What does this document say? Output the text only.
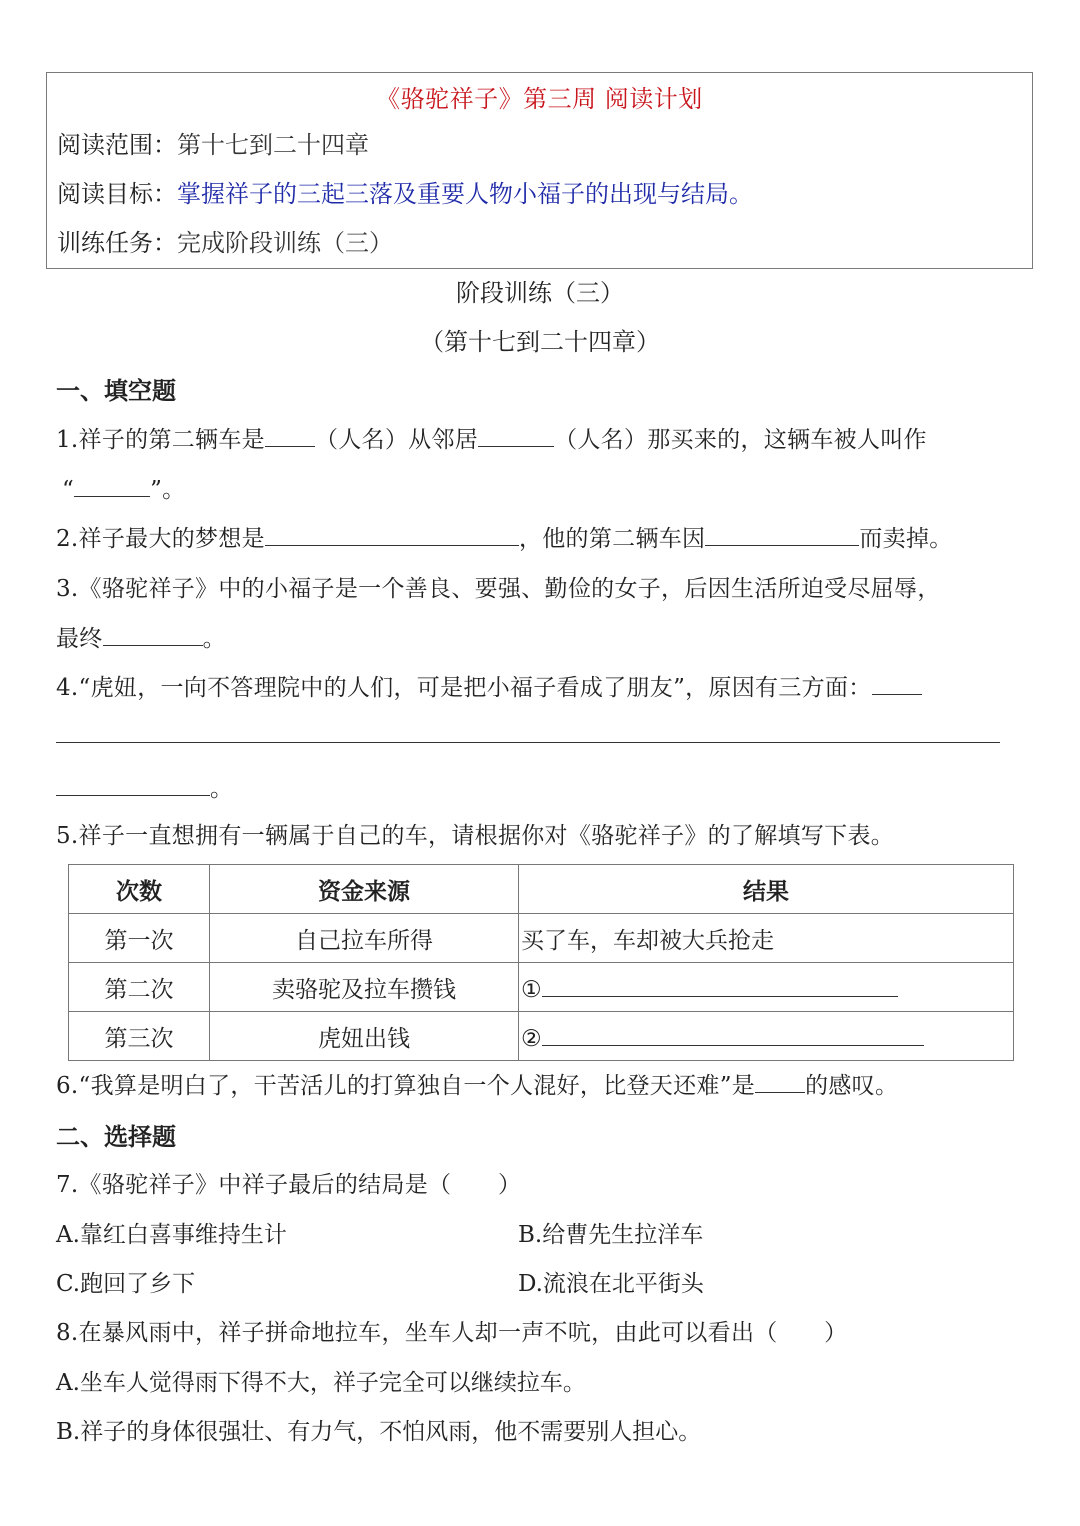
《骆驼祥子》第三周 阅读计划
阅读范围：第十七到二十四章
阅读目标：掌握祥子的三起三落及重要人物小福子的出现与结局。
训练任务：完成阶段训练（三）
阶段训练（三）
（第十七到二十四章）
一、填空题
1.祥子的第二辆车是 （人名）从邻居	（人名）那买来的，这辆车被人叫作
“	”。
2.祥子最大的梦想是	，他的第二辆车因	而卖掉。
3.《骆驼祥子》中的小福子是一个善良、要强、勤俭的女子，后因生活所迫受尽屈辱，
最终	。
4.“虎妞，一向不答理院中的人们，可是把小福子看成了朋友”，原因有三方面：
。
5.祥子一直想拥有一辆属于自己的车，请根据你对《骆驼祥子》的了解填写下表。
次数	资金来源	结果
第一次	自己拉车所得	买了车，车却被大兵抢走
第二次	卖骆驼及拉车攒钱	①
第三次	虎妞出钱	②
6.“我算是明白了，干苦活儿的打算独自一个人混好，比登天还难”是 的感叹。
二、选择题
7.《骆驼祥子》中祥子最后的结局是（　　）
A.靠红白喜事维持生计	B.给曹先生拉洋车
C.跑回了乡下	D.流浪在北平街头
8.在暴风雨中，祥子拼命地拉车，坐车人却一声不吭，由此可以看出（　　）
A.坐车人觉得雨下得不大，祥子完全可以继续拉车。
B.祥子的身体很强壮、有力气，不怕风雨，他不需要别人担心。
